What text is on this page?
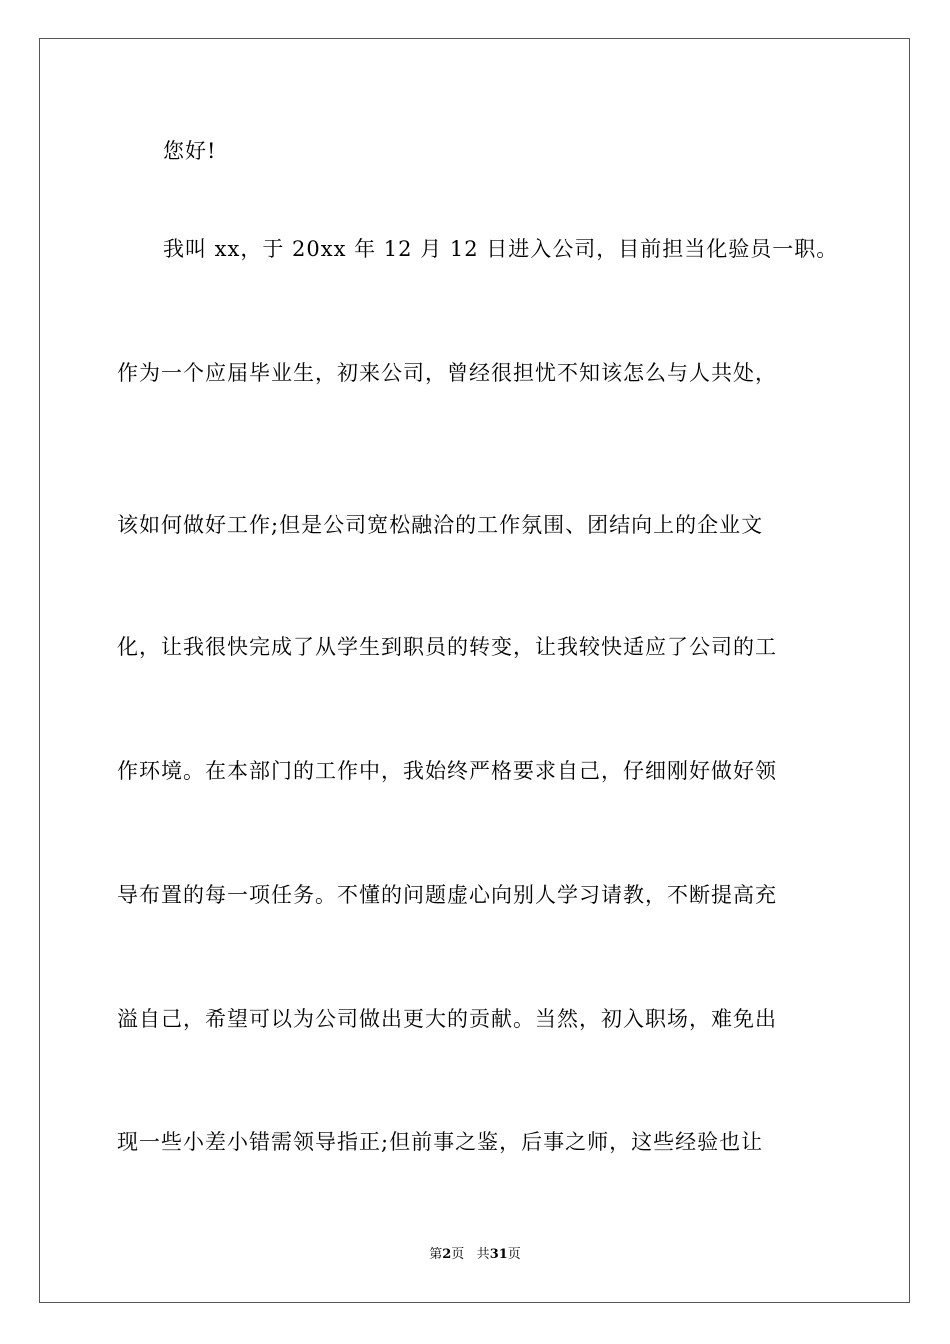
您好!
我叫 xx，于 20xx 年 12 月 12 日进入公司，目前担当化验员一职。
作为一个应届毕业生，初来公司，曾经很担忧不知该怎么与人共处，
该如何做好工作;但是公司宽松融洽的工作氛围、团结向上的企业文
化，让我很快完成了从学生到职员的转变，让我较快适应了公司的工
作环境。在本部门的工作中，我始终严格要求自己，仔细刚好做好领
导布置的每一项任务。不懂的问题虚心向别人学习请教，不断提高充
溢自己，希望可以为公司做出更大的贡献。当然，初入职场，难免出
现一些小差小错需领导指正;但前事之鉴，后事之师，这些经验也让
第2页 共31页
